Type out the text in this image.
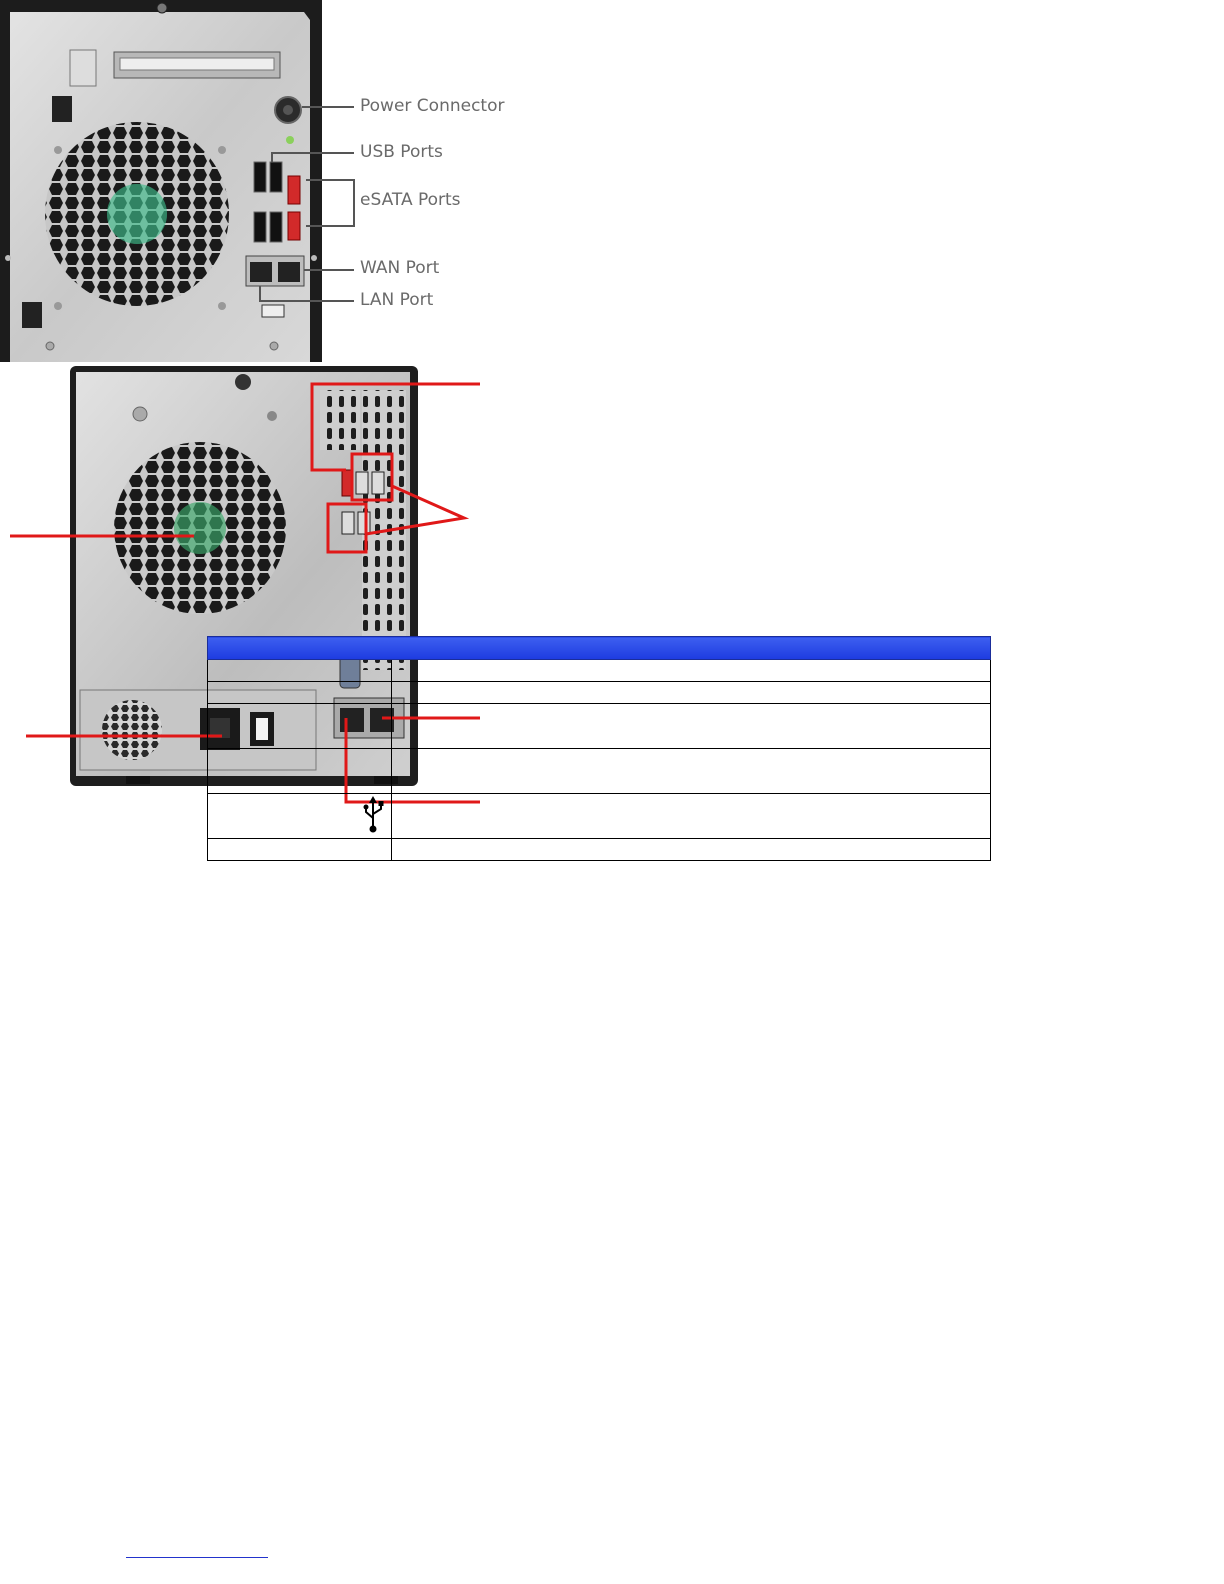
Power Connector
USB Ports
eSATA Ports
WAN Port
LAN Port
